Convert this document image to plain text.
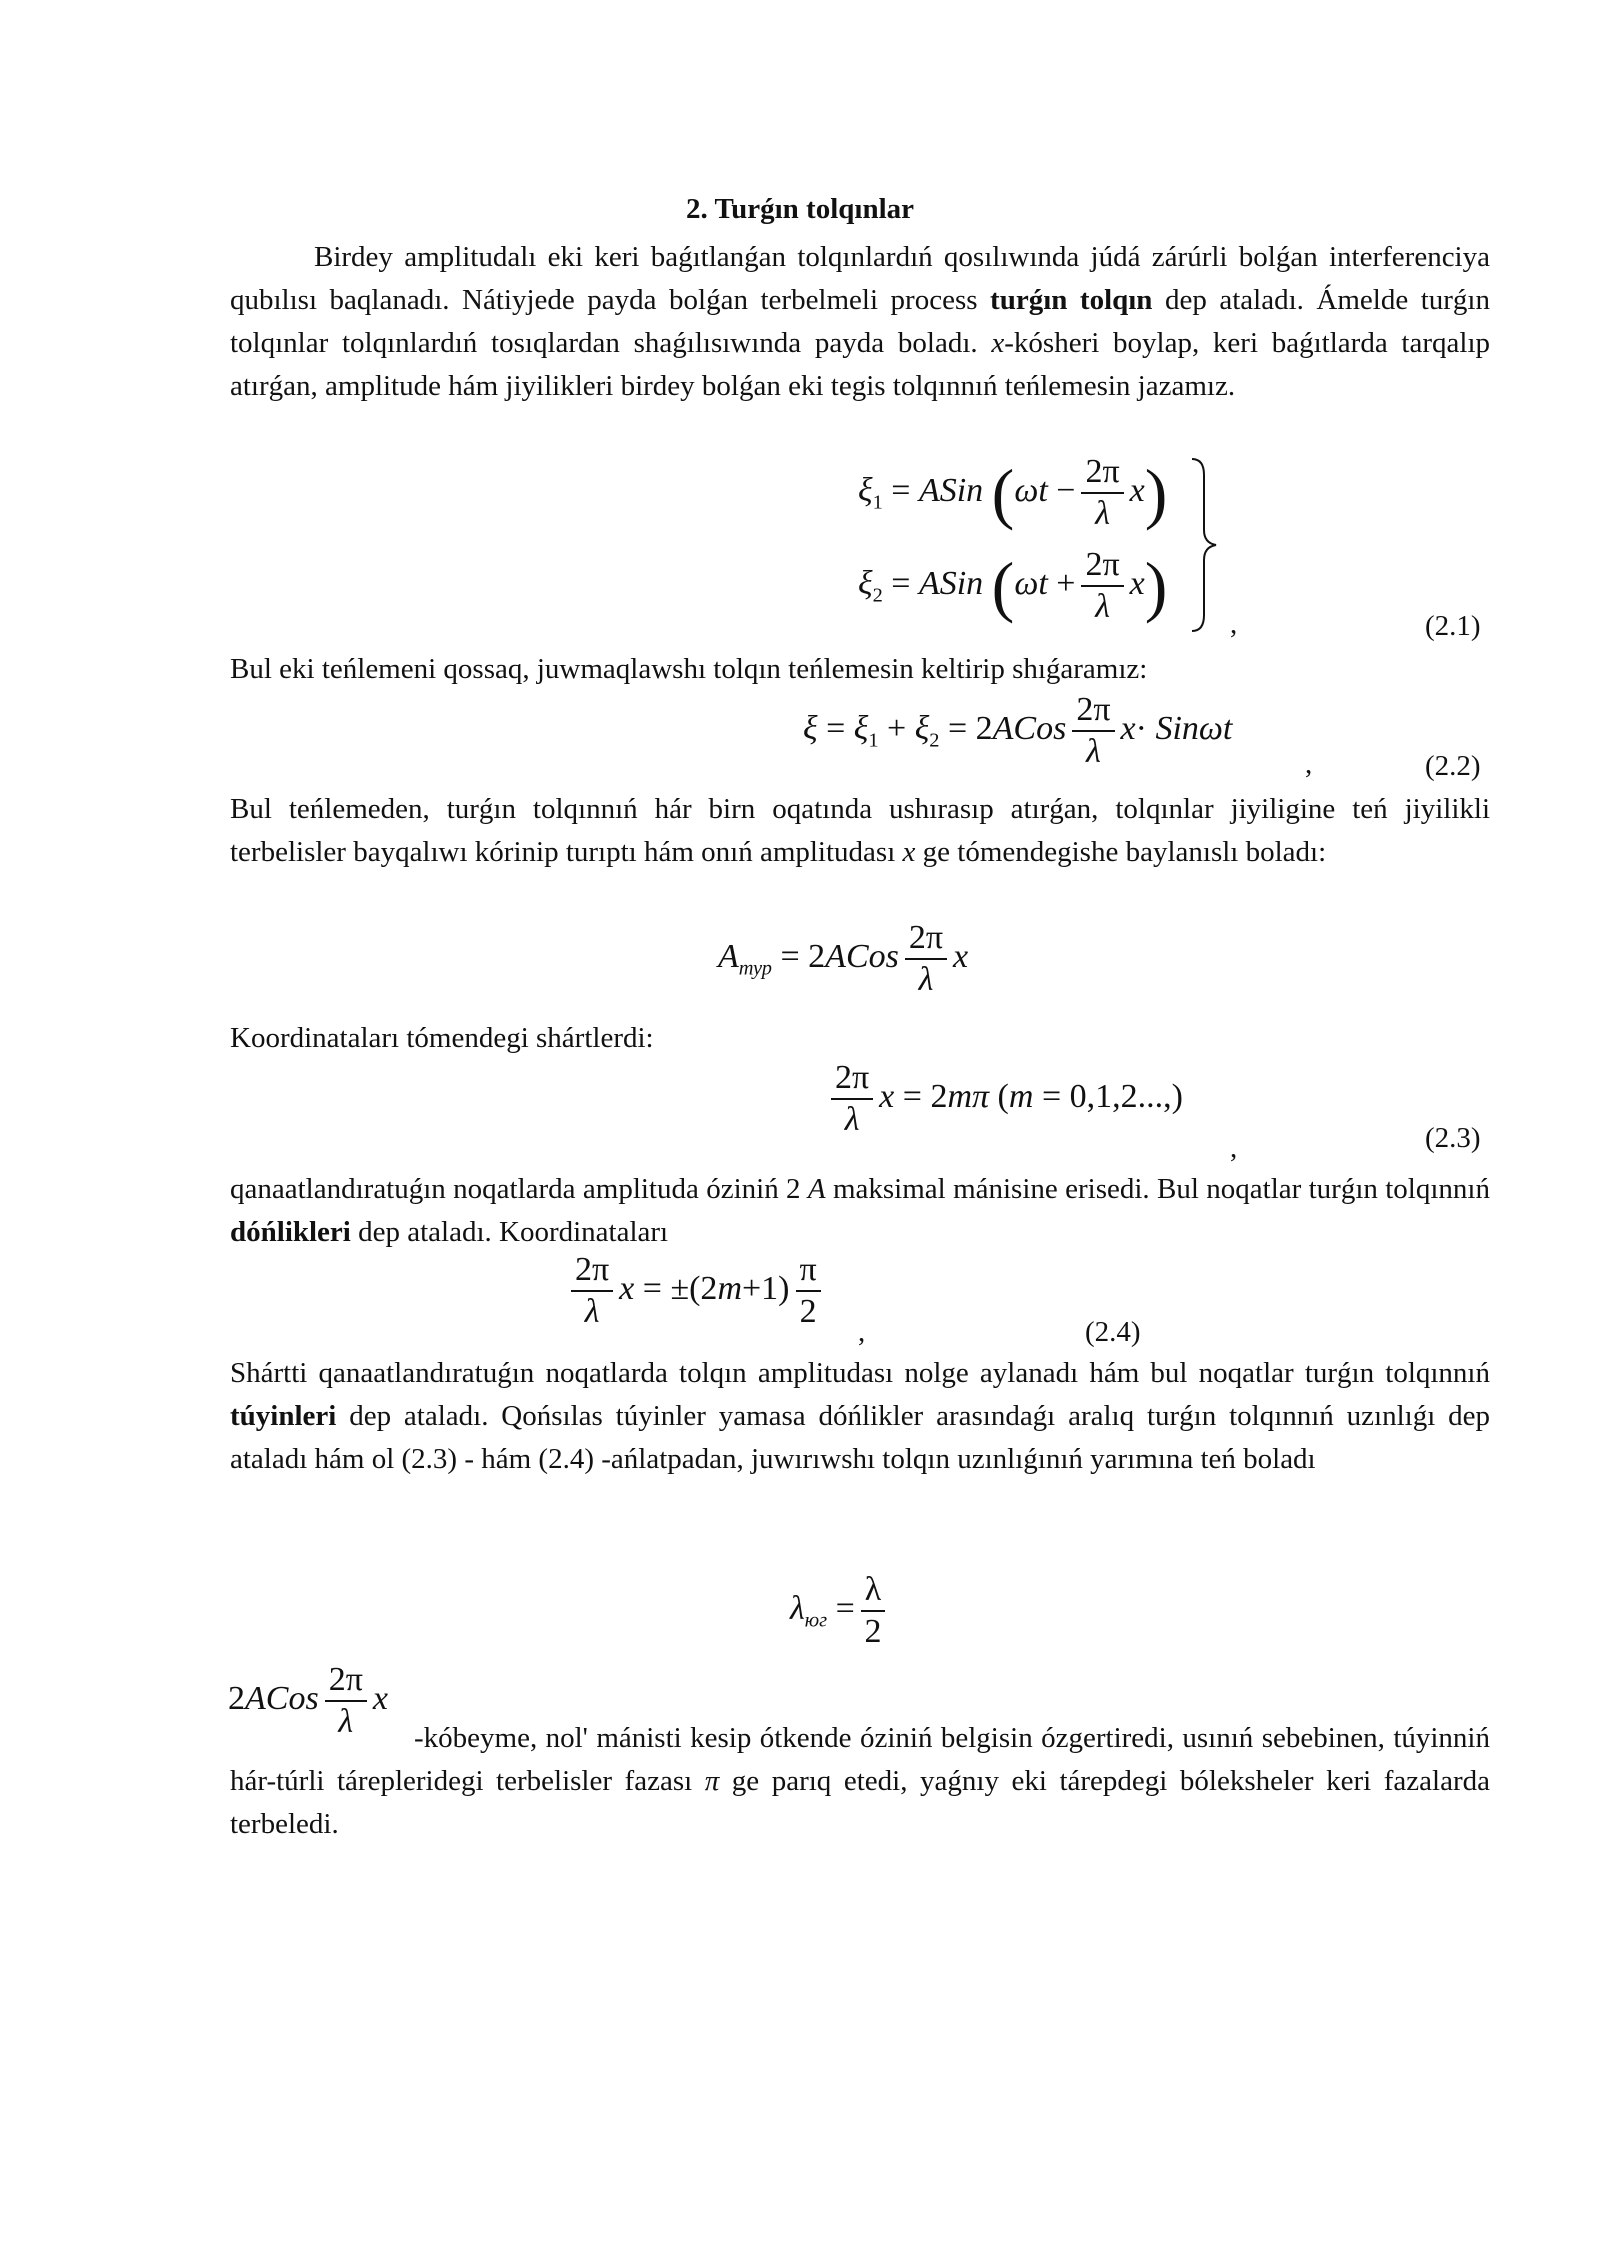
2. Turǵın tolqınlar
Birdey amplitudalı eki keri baǵıtlanǵan tolqınlardıń qosılıwında júdá zárúrli bolǵan interferenciya qubılısı baqlanadı. Nátiyjede payda bolǵan terbelmeli process turǵın tolqın dep ataladı. Ámelde turǵın tolqınlar tolqınlardıń tosıqlardan shaǵılısıwında payda boladı. x-kósheri boylap, keri baǵıtlarda tarqalıp atırǵan, amplitude hám jiyilikleri birdey bolǵan eki tegis tolqınnıń teńlemesin jazamız.
$\xi_1$ = ASin $(\omega t - \frac{2\pi}{\lambda} x)$
$\xi_2$ = ASin $(\omega t + \frac{2\pi}{\lambda} x)$ ,	(2.1)
Bul eki teńlemeni qossaq, juwmaqlawshı tolqın teńlemesin keltirip shıǵaramız:
$\xi = \xi_1 + \xi_2$ = 2ACos $\frac{2\pi}{\lambda} x\cdot Sin\omega t$
,	(2.2)
Bul teńlemeden, turǵın tolqınnıń hár birn oqatında ushırasıp atırǵan, tolqınlar jiyiligine teń jiyilikli terbelisler bayqalıwı kórinip turıptı hám onıń amplitudası x ge tómendegishe baylanıslı boladı:
$A_{тур}$ = 2ACos $\frac{2\pi}{\lambda}$ x
Koordinataları tómendegi shártlerdi:
$\frac{2\pi}{\lambda}$ x = 2mπ (m = 0,1,2...,)
,	(2.3)
qanaatlandıratuǵın noqatlarda amplituda óziniń 2 A maksimal mánisine erisedi. Bul noqatlar turǵın tolqınnıń dóńlikleri dep ataladı. Koordinataları
$\frac{2\pi}{\lambda}$ $x = \pm(2m+1) \frac{\pi}{2}$ ,	(2.4)
Shártti qanaatlandıratuǵın noqatlarda tolqın amplitudası nolge aylanadı hám bul noqatlar turǵın tolqınnıń túyinleri dep ataladı. Qońsılas túyinler yamasa dóńlikler arasındaǵı aralıq turǵın tolqınnıń uzınlıǵı dep ataladı hám ol (2.3) - hám (2.4) -ańlatpadan, juwırıwshı tolqın uzınlıǵınıń yarımına teń boladı
$\lambda_{юг} = \frac{\lambda}{2}$
2ACos $\frac{2\pi}{\lambda}$ x
-kóbeyme, nol' mánisti kesip ótkende óziniń belgisin ózgertiredi, usınıń sebebinen, túyinniń hár-túrli tárepleridegi terbelisler fazası π ge parıq etedi, yaǵnıy eki tárepdegi bóleksheler keri fazalarda terbeledi.
